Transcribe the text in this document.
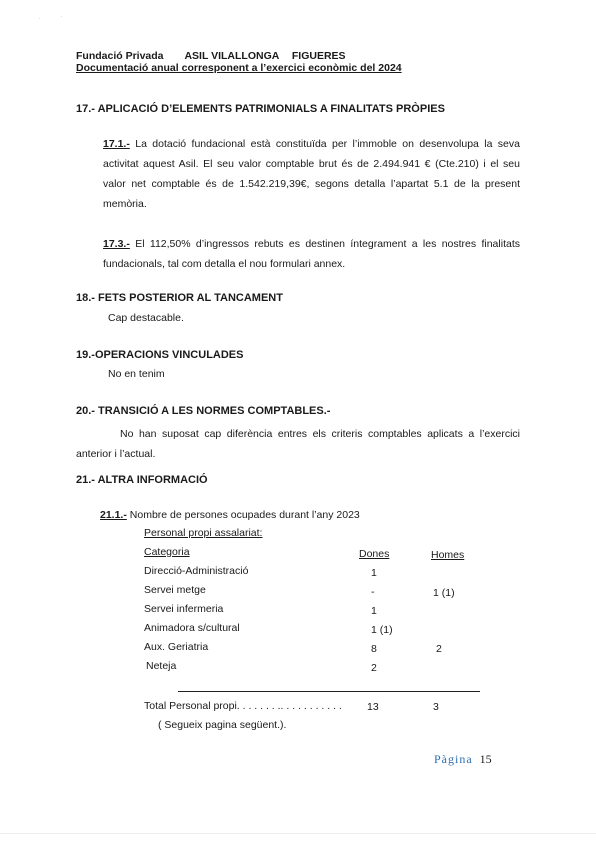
· ·
Fundació Privada ASIL VILALLONGA FIGUERES
Documentació anual corresponent a l’exercici econòmic del 2024
17.- APLICACIÓ D’ELEMENTS PATRIMONIALS A FINALITATS PRÒPIES
17.1.- La dotació fundacional està constituïda per l’immoble on desenvolupa la seva activitat aquest Asil. El seu valor comptable brut és de 2.494.941 € (Cte.210) i el seu valor net comptable és de 1.542.219,39€, segons detalla l’apartat 5.1 de la present memòria.
17.3.- El 112,50% d’ingressos rebuts es destinen íntegrament a les nostres finalitats fundacionals, tal com detalla el nou formulari annex.
18.- FETS POSTERIOR AL TANCAMENT
Cap destacable.
19.-OPERACIONS VINCULADES
No en tenim
20.- TRANSICIÓ A LES NORMES COMPTABLES.-
No han suposat cap diferència entres els criteris comptables aplicats a l’exercici anterior i l’actual.
21.- ALTRA INFORMACIÓ
21.1.- Nombre de persones ocupades durant l’any 2023
Personal propi assalariat:
Categoria	Dones	Homes
Direcció-Administració	1
Servei metge	-	1 (1)
Servei infermeria	1
Animadora s/cultural	1 (1)
Aux. Geriatria	8	2
Neteja	2
Total Personal propi. . . . . . . .. . . . . . . . . . . 13	3
( Segueix pagina següent.).
Pàgina 15
